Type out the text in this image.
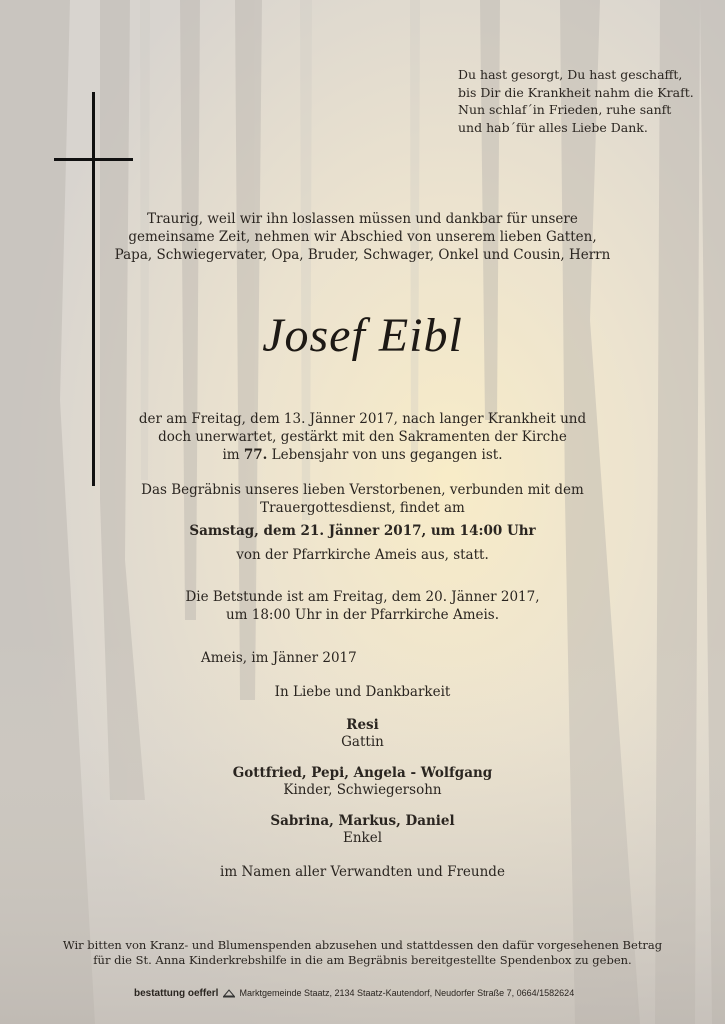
Du hast gesorgt, Du hast geschafft,
bis Dir die Krankheit nahm die Kraft.
Nun schlaf´in Frieden, ruhe sanft
und hab´für alles Liebe Dank.
Traurig, weil wir ihn loslassen müssen und dankbar für unsere
gemeinsame Zeit, nehmen wir Abschied von unserem lieben Gatten,
Papa, Schwiegervater, Opa, Bruder, Schwager, Onkel und Cousin, Herrn
Josef Eibl
der am Freitag, dem 13. Jänner 2017, nach langer Krankheit und
doch unerwartet, gestärkt mit den Sakramenten der Kirche
im 77. Lebensjahr von uns gegangen ist.
Das Begräbnis unseres lieben Verstorbenen, verbunden mit dem
Trauergottesdienst, findet am
Samstag, dem 21. Jänner 2017, um 14:00 Uhr
von der Pfarrkirche Ameis aus, statt.
Die Betstunde ist am Freitag, dem 20. Jänner 2017,
um 18:00 Uhr in der Pfarrkirche Ameis.
Ameis, im Jänner 2017
In Liebe und Dankbarkeit
Resi
Gattin
Gottfried, Pepi, Angela - Wolfgang
Kinder, Schwiegersohn
Sabrina, Markus, Daniel
Enkel
im Namen aller Verwandten und Freunde
Wir bitten von Kranz- und Blumenspenden abzusehen und stattdessen den dafür vorgesehenen Betrag
für die St. Anna Kinderkrebshilfe in die am Begräbnis bereitgestellte Spendenbox zu geben.
bestattung oefferl Marktgemeinde Staatz, 2134 Staatz-Kautendorf, Neudorfer Straße 7, 0664/1582624
